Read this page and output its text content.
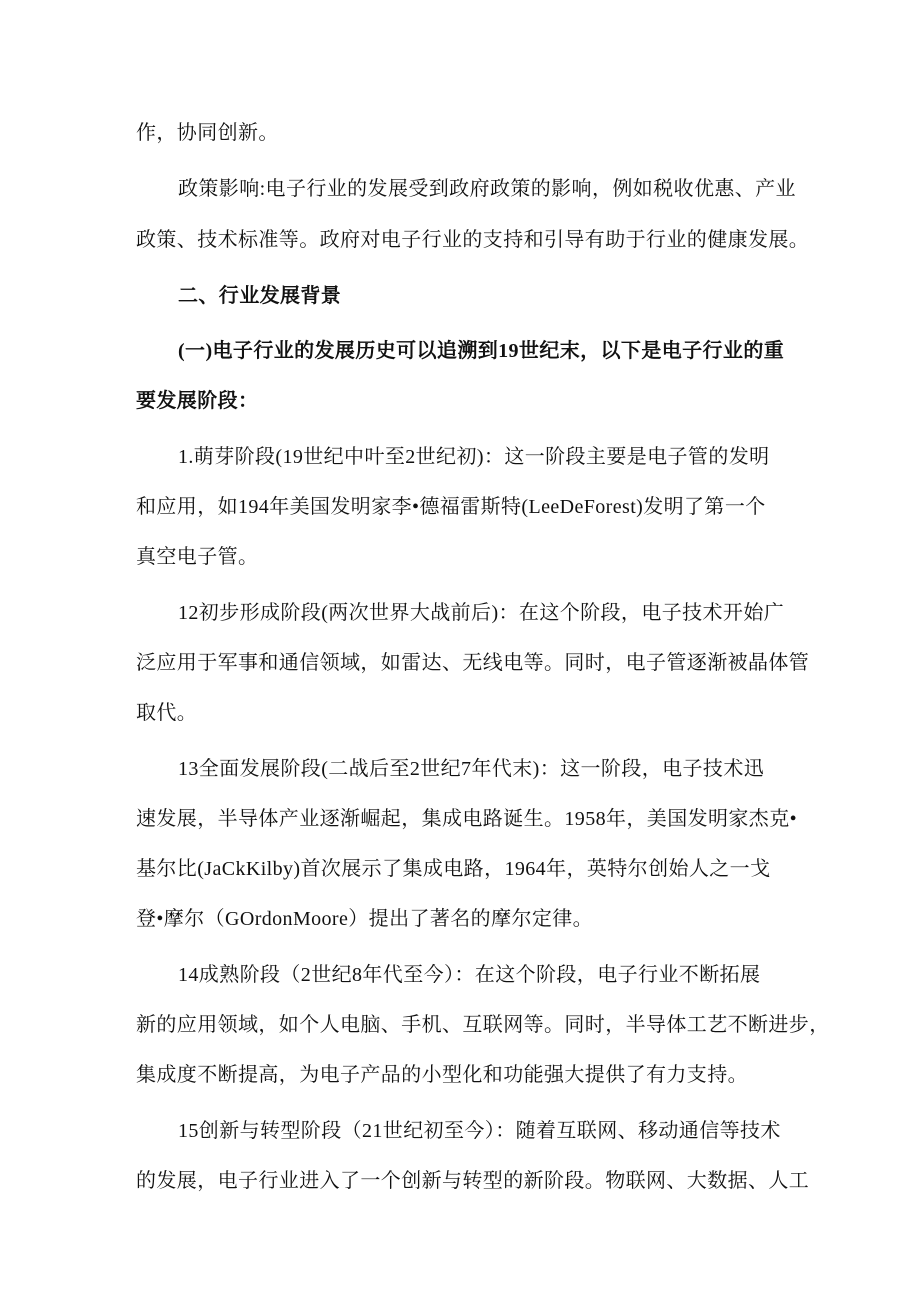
作，协同创新。
政策影响:电子行业的发展受到政府政策的影响，例如税收优惠、产业
政策、技术标准等。政府对电子行业的支持和引导有助于行业的健康发展。
二、行业发展背景
(一)电子行业的发展历史可以追溯到19世纪末，以下是电子行业的重
要发展阶段：
1.萌芽阶段(19世纪中叶至2世纪初)：这一阶段主要是电子管的发明
和应用，如194年美国发明家李•德福雷斯特(LeeDeForest)发明了第一个
真空电子管。
12初步形成阶段(两次世界大战前后)：在这个阶段，电子技术开始广
泛应用于军事和通信领域，如雷达、无线电等。同时，电子管逐渐被晶体管
取代。
13全面发展阶段(二战后至2世纪7年代末)：这一阶段，电子技术迅
速发展，半导体产业逐渐崛起，集成电路诞生。1958年，美国发明家杰克•
基尔比(JaCkKilby)首次展示了集成电路，1964年，英特尔创始人之一戈
登•摩尔（GOrdonMoore）提出了著名的摩尔定律。
14成熟阶段（2世纪8年代至今）：在这个阶段，电子行业不断拓展
新的应用领域，如个人电脑、手机、互联网等。同时，半导体工艺不断进步，
集成度不断提高，为电子产品的小型化和功能强大提供了有力支持。
15创新与转型阶段（21世纪初至今）：随着互联网、移动通信等技术
的发展，电子行业进入了一个创新与转型的新阶段。物联网、大数据、人工
